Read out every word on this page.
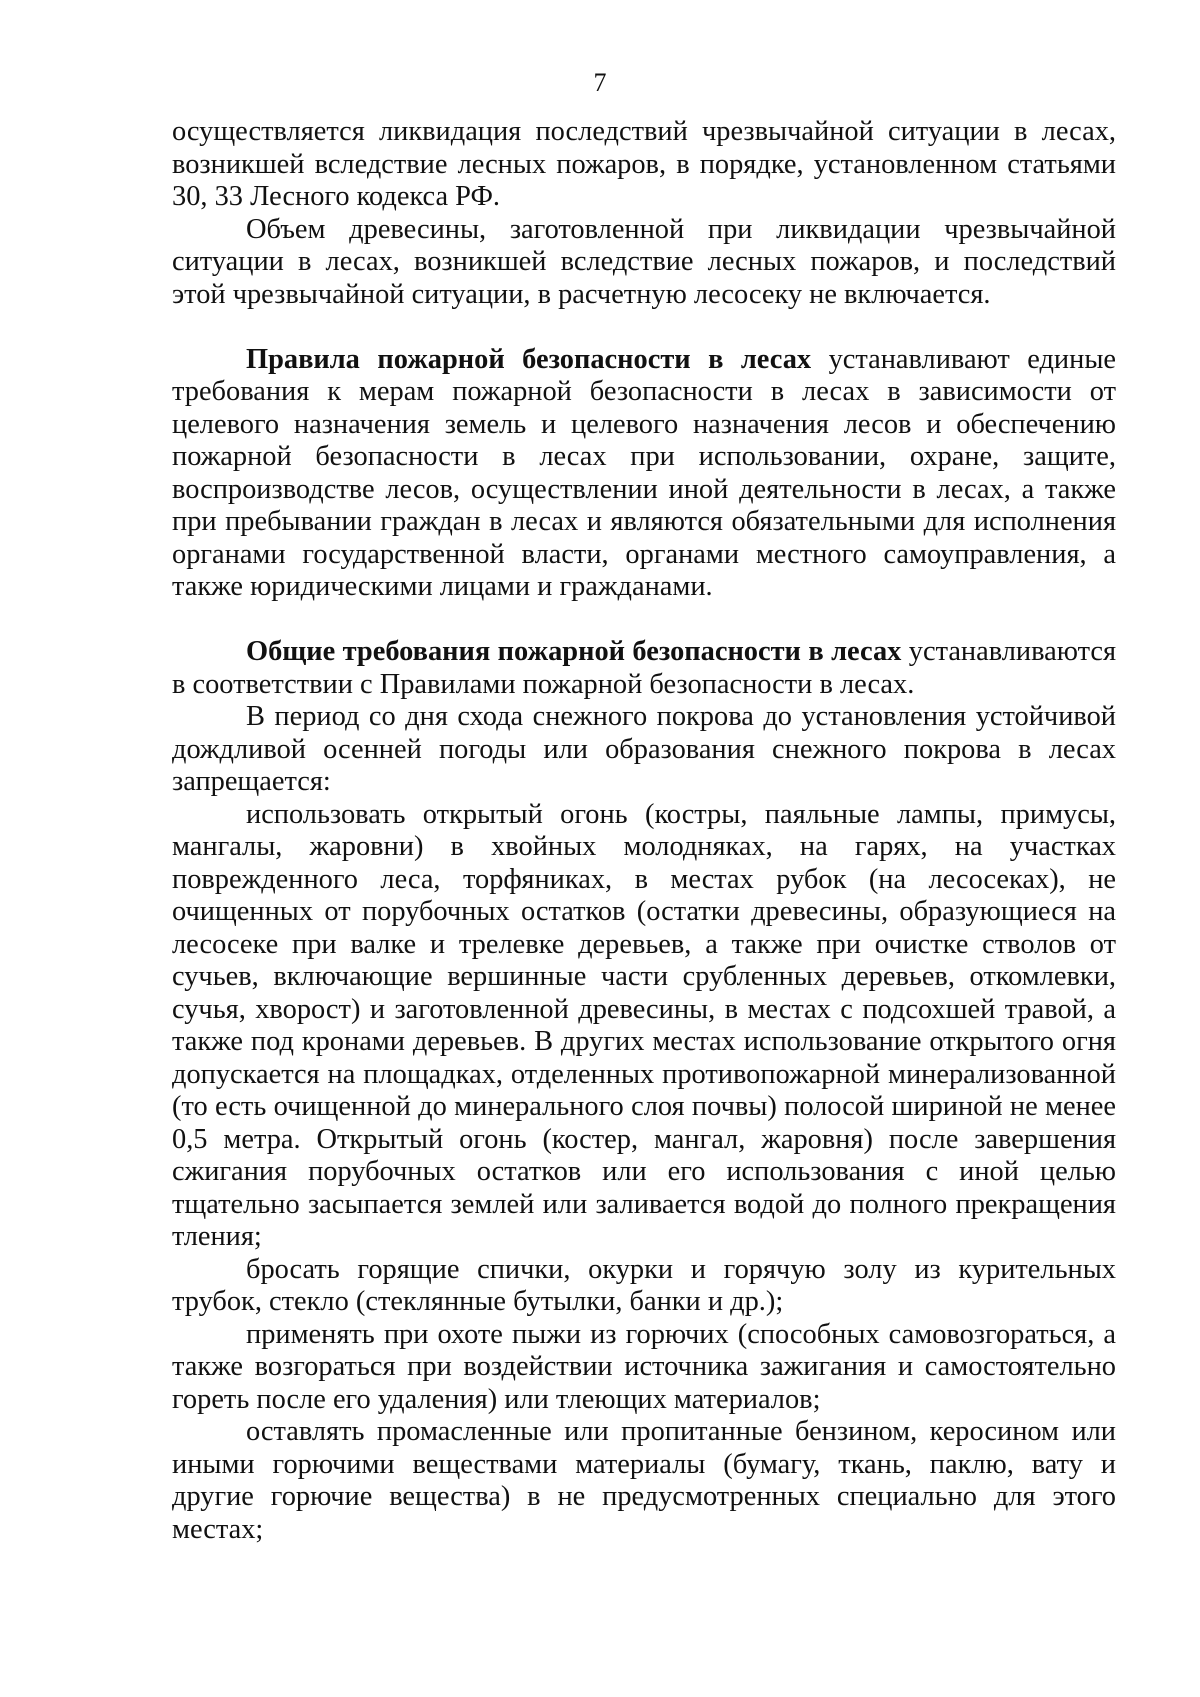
7

осуществляется ликвидация последствий чрезвычайной ситуации в лесах, возникшей вследствие лесных пожаров, в порядке, установленном статьями 30, 33 Лесного кодекса РФ.

Объем древесины, заготовленной при ликвидации чрезвычайной ситуации в лесах, возникшей вследствие лесных пожаров, и последствий этой чрезвычайной ситуации, в расчетную лесосеку не включается.

Правила пожарной безопасности в лесах устанавливают единые требования к мерам пожарной безопасности в лесах в зависимости от целевого назначения земель и целевого назначения лесов и обеспечению пожарной безопасности в лесах при использовании, охране, защите, воспроизводстве лесов, осуществлении иной деятельности в лесах, а также при пребывании граждан в лесах и являются обязательными для исполнения органами государственной власти, органами местного самоуправления, а также юридическими лицами и гражданами.

Общие требования пожарной безопасности в лесах устанавливаются в соответствии с Правилами пожарной безопасности в лесах.

В период со дня схода снежного покрова до установления устойчивой дождливой осенней погоды или образования снежного покрова в лесах запрещается:

использовать открытый огонь (костры, паяльные лампы, примусы, мангалы, жаровни) в хвойных молодняках, на гарях, на участках поврежденного леса, торфяниках, в местах рубок (на лесосеках), не очищенных от порубочных остатков (остатки древесины, образующиеся на лесосеке при валке и трелевке деревьев, а также при очистке стволов от сучьев, включающие вершинные части срубленных деревьев, откомлевки, сучья, хворост) и заготовленной древесины, в местах с подсохшей травой, а также под кронами деревьев. В других местах использование открытого огня допускается на площадках, отделенных противопожарной минерализованной (то есть очищенной до минерального слоя почвы) полосой шириной не менее 0,5 метра. Открытый огонь (костер, мангал, жаровня) после завершения сжигания порубочных остатков или его использования с иной целью тщательно засыпается землей или заливается водой до полного прекращения тления;

бросать горящие спички, окурки и горячую золу из курительных трубок, стекло (стеклянные бутылки, банки и др.);

применять при охоте пыжи из горючих (способных самовозгораться, а также возгораться при воздействии источника зажигания и самостоятельно гореть после его удаления) или тлеющих материалов;

оставлять промасленные или пропитанные бензином, керосином или иными горючими веществами материалы (бумагу, ткань, паклю, вату и другие горючие вещества) в не предусмотренных специально для этого местах;
